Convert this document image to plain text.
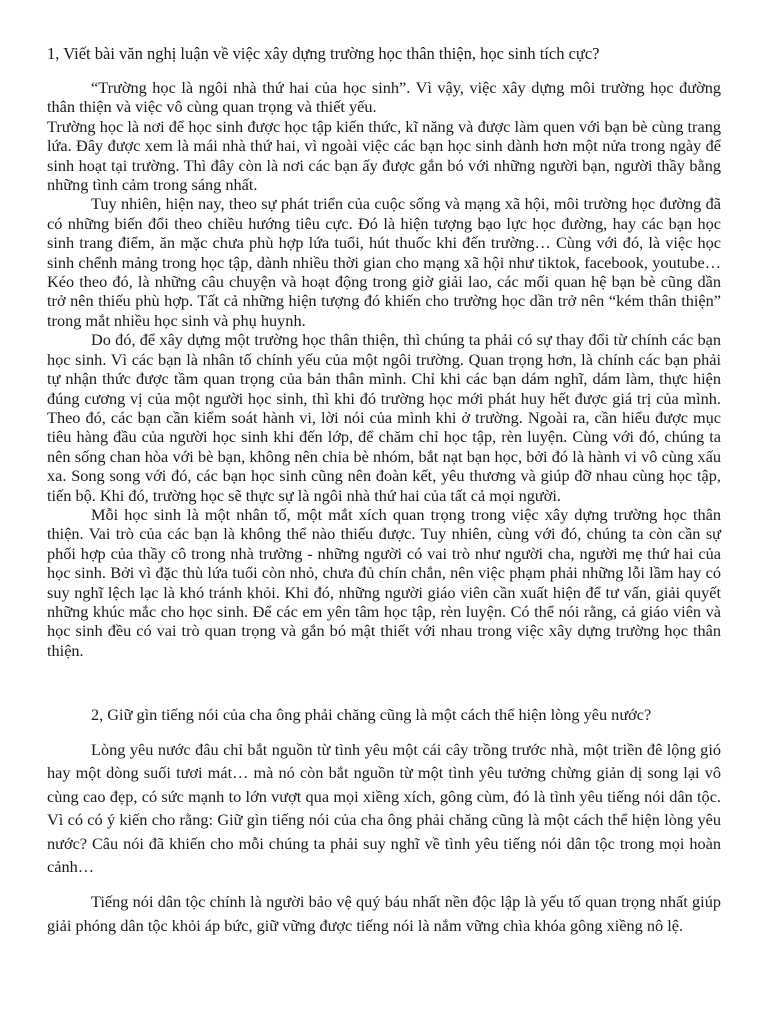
1, Viết bài văn nghị luận về việc xây dựng trường học thân thiện, học sinh tích cực?

“Trường học là ngôi nhà thứ hai của học sinh”. Vì vậy, việc xây dựng môi trường học đường thân thiện và việc vô cùng quan trọng và thiết yếu.

Trường học là nơi để học sinh được học tập kiến thức, kĩ năng và được làm quen với bạn bè cùng trang lứa. Đây được xem là mái nhà thứ hai, vì ngoài việc các bạn học sinh dành hơn một nửa trong ngày để sinh hoạt tại trường. Thì đây còn là nơi các bạn ấy được gắn bó với những người bạn, người thầy bằng những tình cảm trong sáng nhất.

Tuy nhiên, hiện nay, theo sự phát triển của cuộc sống và mạng xã hội, môi trường học đường đã có những biến đổi theo chiều hướng tiêu cực. Đó là hiện tượng bạo lực học đường, hay các bạn học sinh trang điểm, ăn mặc chưa phù hợp lứa tuổi, hút thuốc khi đến trường… Cùng với đó, là việc học sinh chểnh mảng trong học tập, dành nhiều thời gian cho mạng xã hội như tiktok, facebook, youtube… Kéo theo đó, là những câu chuyện và hoạt động trong giờ giải lao, các mối quan hệ bạn bè cũng dần trở nên thiếu phù hợp. Tất cả những hiện tượng đó khiến cho trường học dần trở nên “kém thân thiện” trong mắt nhiều học sinh và phụ huynh.

Do đó, để xây dựng một trường học thân thiện, thì chúng ta phải có sự thay đổi từ chính các bạn học sinh. Vì các bạn là nhân tố chính yếu của một ngôi trường. Quan trọng hơn, là chính các bạn phải tự nhận thức được tầm quan trọng của bản thân mình. Chỉ khi các bạn dám nghĩ, dám làm, thực hiện đúng cương vị của một người học sinh, thì khi đó trường học mới phát huy hết được giá trị của mình. Theo đó, các bạn cần kiểm soát hành vi, lời nói của mình khi ở trường. Ngoài ra, cần hiểu được mục tiêu hàng đầu của người học sinh khi đến lớp, để chăm chỉ học tập, rèn luyện. Cùng với đó, chúng ta nên sống chan hòa với bè bạn, không nên chia bè nhóm, bắt nạt bạn học, bởi đó là hành vi vô cùng xấu xa. Song song với đó, các bạn học sinh cũng nên đoàn kết, yêu thương và giúp đỡ nhau cùng học tập, tiến bộ. Khi đó, trường học sẽ thực sự là ngôi nhà thứ hai của tất cả mọi người.

Mỗi học sinh là một nhân tố, một mắt xích quan trọng trong việc xây dựng trường học thân thiện. Vai trò của các bạn là không thể nào thiếu được. Tuy nhiên, cùng với đó, chúng ta còn cần sự phối hợp của thầy cô trong nhà trường - những người có vai trò như người cha, người mẹ thứ hai của học sinh. Bởi vì đặc thù lứa tuổi còn nhỏ, chưa đủ chín chắn, nên việc phạm phải những lỗi lầm hay có suy nghĩ lệch lạc là khó tránh khỏi. Khi đó, những người giáo viên cần xuất hiện để tư vấn, giải quyết những khúc mắc cho học sinh. Để các em yên tâm học tập, rèn luyện. Có thể nói rằng, cả giáo viên và học sinh đều có vai trò quan trọng và gắn bó mật thiết với nhau trong việc xây dựng trường học thân thiện.

2, Giữ gìn tiếng nói của cha ông phải chăng cũng là một cách thể hiện lòng yêu nước?

Lòng yêu nước đâu chỉ bắt nguồn từ tình yêu một cái cây trồng trước nhà, một triền đê lộng gió hay một dòng suối tươi mát… mà nó còn bắt nguồn từ một tình yêu tưởng chừng giản dị song lại vô cùng cao đẹp, có sức mạnh to lớn vượt qua mọi xiềng xích, gông cùm, đó là tình yêu tiếng nói dân tộc. Vì có có ý kiến cho rằng: Giữ gìn tiếng nói của cha ông phải chăng cũng là một cách thể hiện lòng yêu nước? Câu nói đã khiến cho mỗi chúng ta phải suy nghĩ về tình yêu tiếng nói dân tộc trong mọi hoàn cảnh…

Tiếng nói dân tộc chính là người bảo vệ quý báu nhất nền độc lập là yếu tố quan trọng nhất giúp giải phóng dân tộc khỏi áp bức, giữ vững được tiếng nói là nắm vững chìa khóa gông xiềng nô lệ.
